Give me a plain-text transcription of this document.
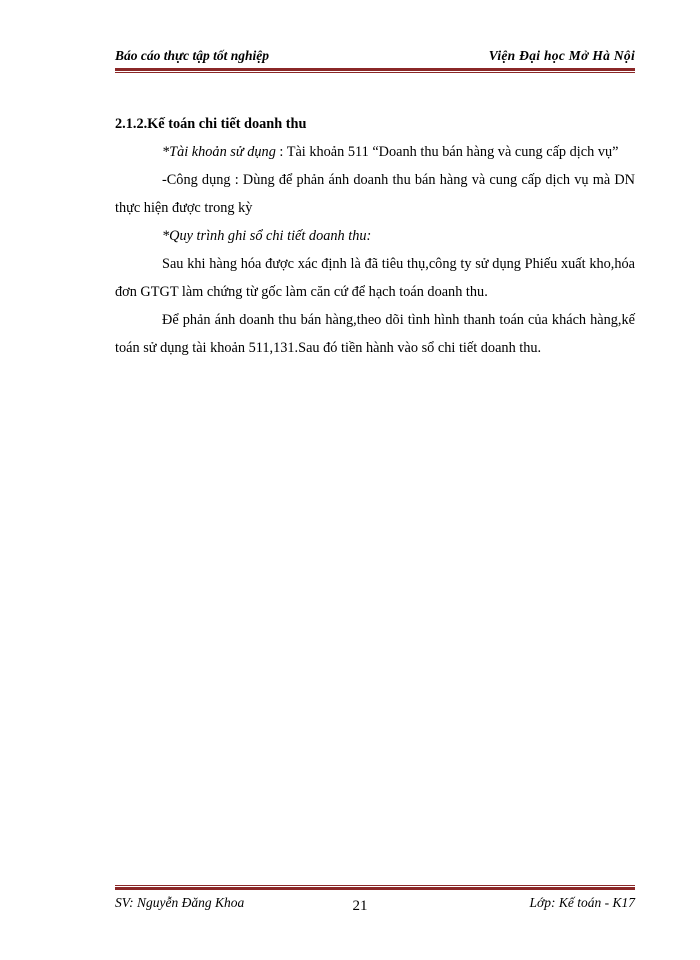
Báo cáo thực tập tốt nghiệp	Viện Đại học Mở Hà Nội

2.1.2.Kế toán chi tiết doanh thu

*Tài khoản sử dụng : Tài khoản 511 “Doanh thu bán hàng và cung cấp dịch vụ”

-Công dụng : Dùng để phản ánh doanh thu bán hàng và cung cấp dịch vụ mà DN thực hiện được trong kỳ

*Quy trình ghi sổ chi tiết doanh thu:

Sau khi hàng hóa được xác định là đã tiêu thụ,công ty sử dụng Phiếu xuất kho,hóa đơn GTGT làm chứng từ gốc làm căn cứ để hạch toán doanh thu.

Để phản ánh doanh thu bán hàng,theo dõi tình hình thanh toán của khách hàng,kế toán sử dụng tài khoản 511,131.Sau đó tiền hành vào sổ chi tiết doanh thu.

SV: Nguyễn Đăng Khoa	21	Lớp: Kế toán - K17
